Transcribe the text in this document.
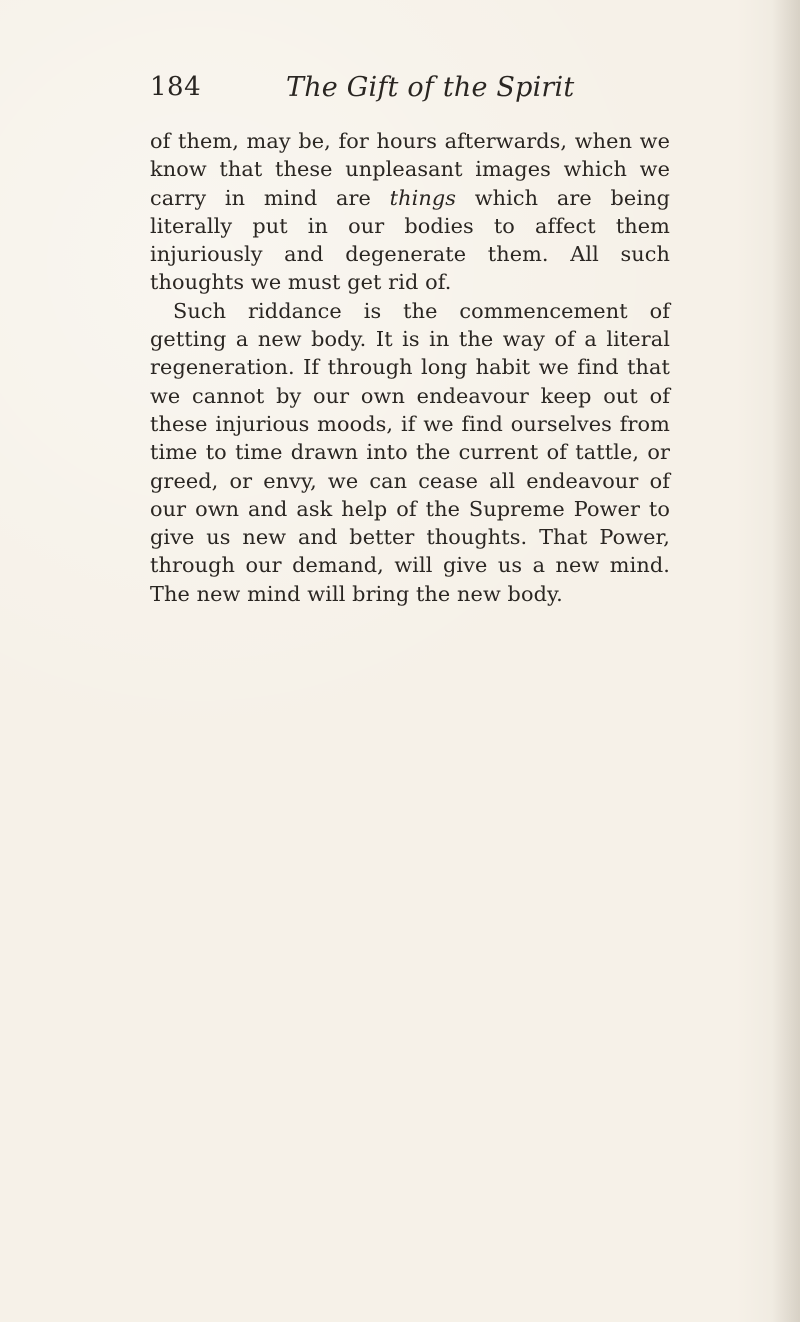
184	The Gift of the Spirit

of them, may be, for hours afterwards, when we know that these unpleasant images which we carry in mind are things which are being literally put in our bodies to affect them injuriously and degenerate them. All such thoughts we must get rid of.

Such riddance is the commencement of getting a new body. It is in the way of a literal regeneration. If through long habit we find that we cannot by our own endeavour keep out of these injurious moods, if we find ourselves from time to time drawn into the current of tattle, or greed, or envy, we can cease all endeavour of our own and ask help of the Supreme Power to give us new and better thoughts. That Power, through our demand, will give us a new mind. The new mind will bring the new body.
